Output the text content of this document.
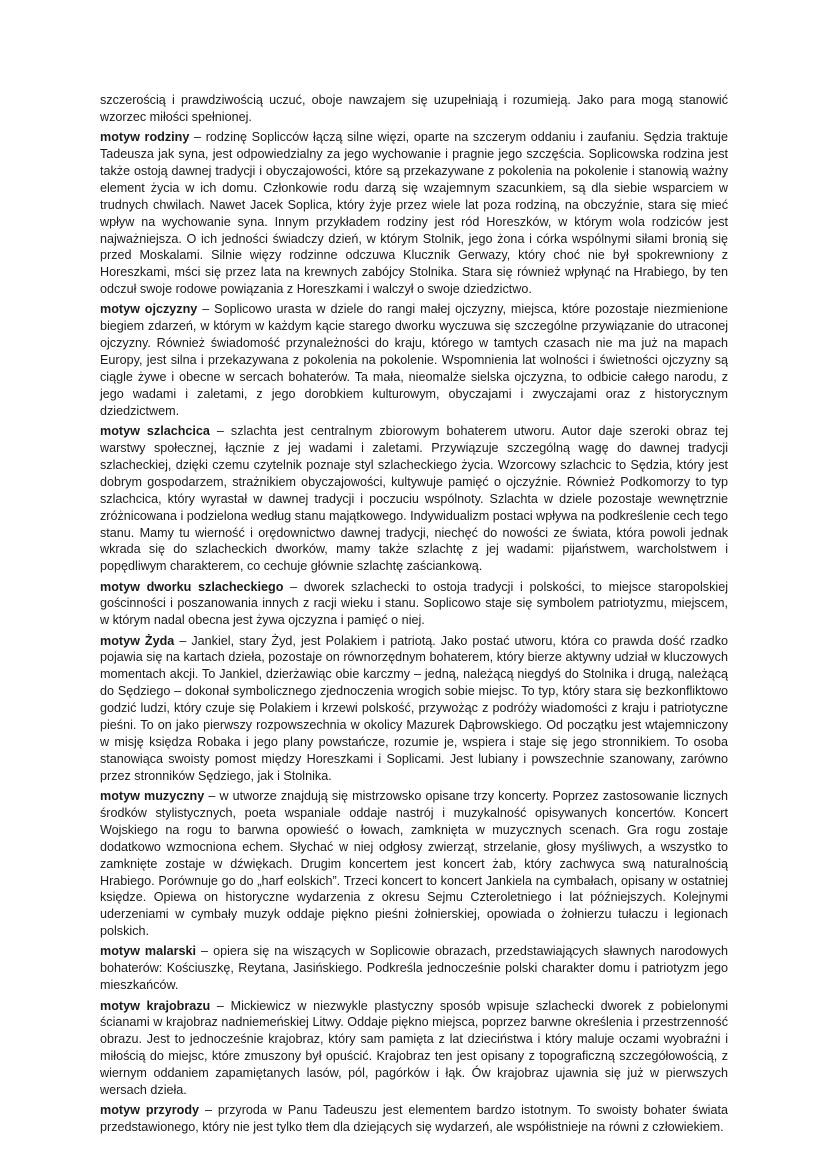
szczerością i prawdziwością uczuć, oboje nawzajem się uzupełniają i rozumieją. Jako para mogą stanowić wzorzec miłości spełnionej.

motyw rodziny – rodzinę Soplicców łączą silne więzi, oparte na szczerym oddaniu i zaufaniu. Sędzia traktuje Tadeusza jak syna, jest odpowiedzialny za jego wychowanie i pragnie jego szczęścia. Soplicowska rodzina jest także ostoją dawnej tradycji i obyczajowości, które są przekazywane z pokolenia na pokolenie i stanowią ważny element życia w ich domu. Członkowie rodu darzą się wzajemnym szacunkiem, są dla siebie wsparciem w trudnych chwilach. Nawet Jacek Soplica, który żyje przez wiele lat poza rodziną, na obczyźnie, stara się mieć wpływ na wychowanie syna. Innym przykładem rodziny jest ród Horeszków, w którym wola rodziców jest najważniejsza. O ich jedności świadczy dzień, w którym Stolnik, jego żona i córka wspólnymi siłami bronią się przed Moskalami. Silnie więzy rodzinne odczuwa Klucznik Gerwazy, który choć nie był spokrewniony z Horeszkami, mści się przez lata na krewnych zabójcy Stolnika. Stara się również wpłynąć na Hrabiego, by ten odczuł swoje rodowe powiązania z Horeszkami i walczył o swoje dziedzictwo.

motyw ojczyzny – Soplicowo urasta w dziele do rangi małej ojczyzny, miejsca, które pozostaje niezmienione biegiem zdarzeń, w którym w każdym kącie starego dworku wyczuwa się szczególne przywiązanie do utraconej ojczyzny. Również świadomość przynależności do kraju, którego w tamtych czasach nie ma już na mapach Europy, jest silna i przekazywana z pokolenia na pokolenie. Wspomnienia lat wolności i świetności ojczyzny są ciągle żywe i obecne w sercach bohaterów. Ta mała, nieomalże sielska ojczyzna, to odbicie całego narodu, z jego wadami i zaletami, z jego dorobkiem kulturowym, obyczajami i zwyczajami oraz z historycznym dziedzictwem.

motyw szlachcica – szlachta jest centralnym zbiorowym bohaterem utworu. Autor daje szeroki obraz tej warstwy społecznej, łącznie z jej wadami i zaletami. Przywiązuje szczególną wagę do dawnej tradycji szlacheckiej, dzięki czemu czytelnik poznaje styl szlacheckiego życia. Wzorcowy szlachcic to Sędzia, który jest dobrym gospodarzem, strażnikiem obyczajowości, kultywuje pamięć o ojczyźnie. Również Podkomorzy to typ szlachcica, który wyrastał w dawnej tradycji i poczuciu wspólnoty. Szlachta w dziele pozostaje wewnętrznie zróżnicowana i podzielona według stanu majątkowego. Indywidualizm postaci wpływa na podkreślenie cech tego stanu. Mamy tu wierność i orędownictwo dawnej tradycji, niechęć do nowości ze świata, która powoli jednak wkrada się do szlacheckich dworków, mamy także szlachtę z jej wadami: pijaństwem, warcholstwem i popędliwym charakterem, co cechuje głównie szlachtę zaściankową.

motyw dworku szlacheckiego – dworek szlachecki to ostoja tradycji i polskości, to miejsce staropolskiej gościnności i poszanowania innych z racji wieku i stanu. Soplicowo staje się symbolem patriotyzmu, miejscem, w którym nadal obecna jest żywa ojczyzna i pamięć o niej.

motyw Żyda – Jankiel, stary Żyd, jest Polakiem i patriotą. Jako postać utworu, która co prawda dość rzadko pojawia się na kartach dzieła, pozostaje on równorzędnym bohaterem, który bierze aktywny udział w kluczowych momentach akcji. To Jankiel, dzierżawiąc obie karczmy – jedną, należącą niegdyś do Stolnika i drugą, należącą do Sędziego – dokonał symbolicznego zjednoczenia wrogich sobie miejsc. To typ, który stara się bezkonfliktowo godzić ludzi, który czuje się Polakiem i krzewi polskość, przywożąc z podróży wiadomości z kraju i patriotyczne pieśni. To on jako pierwszy rozpowszechnia w okolicy Mazurek Dąbrowskiego. Od początku jest wtajemniczony w misję księdza Robaka i jego plany powstańcze, rozumie je, wspiera i staje się jego stronnikiem. To osoba stanowiąca swoisty pomost między Horeszkami i Soplicami. Jest lubiany i powszechnie szanowany, zarówno przez stronników Sędziego, jak i Stolnika.

motyw muzyczny – w utworze znajdują się mistrzowsko opisane trzy koncerty. Poprzez zastosowanie licznych środków stylistycznych, poeta wspaniale oddaje nastrój i muzykalność opisywanych koncertów. Koncert Wojskiego na rogu to barwna opowieść o łowach, zamknięta w muzycznych scenach. Gra rogu zostaje dodatkowo wzmocniona echem. Słychać w niej odgłosy zwierząt, strzelanie, głosy myśliwych, a wszystko to zamknięte zostaje w dźwiękach. Drugim koncertem jest koncert żab, który zachwyca swą naturalnością Hrabiego. Porównuje go do „harf eolskich”. Trzeci koncert to koncert Jankiela na cymbałach, opisany w ostatniej księdze. Opiewa on historyczne wydarzenia z okresu Sejmu Czteroletniego i lat późniejszych. Kolejnymi uderzeniami w cymbały muzyk oddaje piękno pieśni żołnierskiej, opowiada o żołnierzu tułaczu i legionach polskich.

motyw malarski – opiera się na wiszących w Soplicowie obrazach, przedstawiających sławnych narodowych bohaterów: Kościuszkę, Reytana, Jasińskiego. Podkreśla jednocześnie polski charakter domu i patriotyzm jego mieszkańców.

motyw krajobrazu – Mickiewicz w niezwykle plastyczny sposób wpisuje szlachecki dworek z pobielonymi ścianami w krajobraz nadniemeńskiej Litwy. Oddaje piękno miejsca, poprzez barwne określenia i przestrzenność obrazu. Jest to jednocześnie krajobraz, który sam pamięta z lat dzieciństwa i który maluje oczami wyobraźni i miłością do miejsc, które zmuszony był opuścić. Krajobraz ten jest opisany z topograficzną szczegółowością, z wiernym oddaniem zapamiętanych lasów, pól, pagórków i łąk. Ów krajobraz ujawnia się już w pierwszych wersach dzieła.

motyw przyrody – przyroda w Panu Tadeuszu jest elementem bardzo istotnym. To swoisty bohater świata przedstawionego, który nie jest tylko tłem dla dziejących się wydarzeń, ale współistnieje na równi z człowiekiem.
